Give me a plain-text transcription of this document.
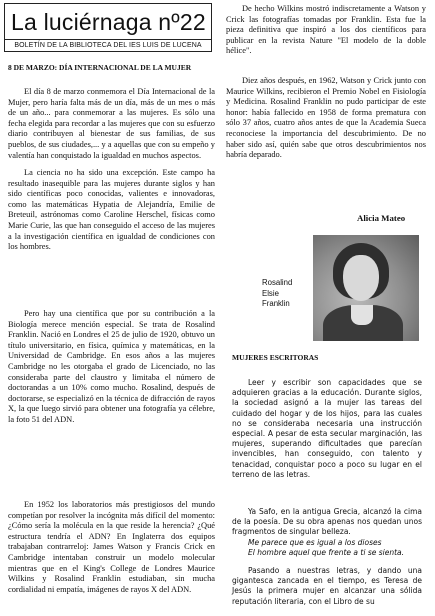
La luciérnaga nº22
BOLETÍN DE LA BIBLIOTECA DEL IES LUIS DE LUCENA

8 DE MARZO: DÍA INTERNACIONAL DE LA MUJER

El día 8 de marzo conmemora el Día Internacional de la Mujer, pero haría falta más de un día, más de un mes o más de un año... para conmemorar a las mujeres. Es sólo una fecha elegida para recordar a las mujeres que con su esfuerzo diario contribuyen al bienestar de sus familias, de sus pueblos, de sus ciudades,... y a aquellas que con su empeño y valentía han conquistado la igualdad en muchos aspectos.
La ciencia no ha sido una excepción. Este campo ha resultado inasequible para las mujeres durante siglos y han sido científicas poco conocidas, valientes e innovadoras, como las matemáticas Hypatia de Alejandría, Emilie de Breteuil, astrónomas como Caroline Herschel, físicas como Marie Curie, las que han conseguido el acceso de las mujeres a la investigación científica en igualdad de condiciones con los hombres.
Pero hay una científica que por su contribución a la Biología merece mención especial. Se trata de Rosalind Franklin. Nació en Londres el 25 de julio de 1920, obtuvo un título universitario, en física, química y matemáticas, en la Universidad de Cambridge. En esos años a las mujeres Cambridge no les otorgaba el grado de Licenciado, no las consideraba parte del claustro y limitaba el número de doctorandas a un 10% como mucho. Rosalind, después de doctorarse, se especializó en la técnica de difracción de rayos X, la que luego sirvió para obtener una fotografía ya célebre, la foto 51 del ADN.
En 1952 los laboratorios más prestigiosos del mundo competían por resolver la incógnita más difícil del momento: ¿Cómo sería la molécula en la que reside la herencia? ¿Qué estructura tendría el ADN? En Inglaterra dos equipos trabajaban contrarreloj: James Watson y Francis Crick en Cambridge intentaban construir un modelo molecular mientras que en el King's College de Londres Maurice Wilkins y Rosalind Franklin estudiaban, sin mucha cordialidad ni empatía, imágenes de rayos X del ADN.
De hecho Wilkins mostró indiscretamente a Watson y Crick las fotografías tomadas por Franklin. Esta fue la pieza definitiva que inspiró a los dos científicos para publicar en la revista Nature "El modelo de la doble hélice".
Diez años después, en 1962, Watson y Crick junto con Maurice Wilkins, recibieron el Premio Nobel en Fisiología y Medicina. Rosalind Franklin no pudo participar de este honor: había fallecido en 1958 de forma prematura con sólo 37 años, cuatro años antes de que la Academia Sueca reconociese la importancia del descubrimiento. De no haber sido así, quién sabe que otros descubrimientos nos habría deparado.
Alicia Mateo
Rosalind
Elsie
Franklin

MUJERES ESCRITORAS

Leer y escribir son capacidades que se adquieren gracias a la educación. Durante siglos, la sociedad asignó a la mujer las tareas del cuidado del hogar y de los hijos, para las cuales no se consideraba necesaria una instrucción especial. A pesar de esta secular marginación, las mujeres, superando dificultades que parecían invencibles, han conseguido, con talento y tenacidad, conquistar poco a poco su lugar en el terreno de las letras.
Ya Safo, en la antigua Grecia, alcanzó la cima de la poesía. De su obra apenas nos quedan unos fragmentos de singular belleza.

Me parece que es igual a los dioses

El hombre aquel que frente a ti se sienta.

Pasando a nuestras letras, y dando una gigantesca zancada en el tiempo, es Teresa de Jesús la primera mujer en alcanzar una sólida reputación literaria, con el Libro de su
